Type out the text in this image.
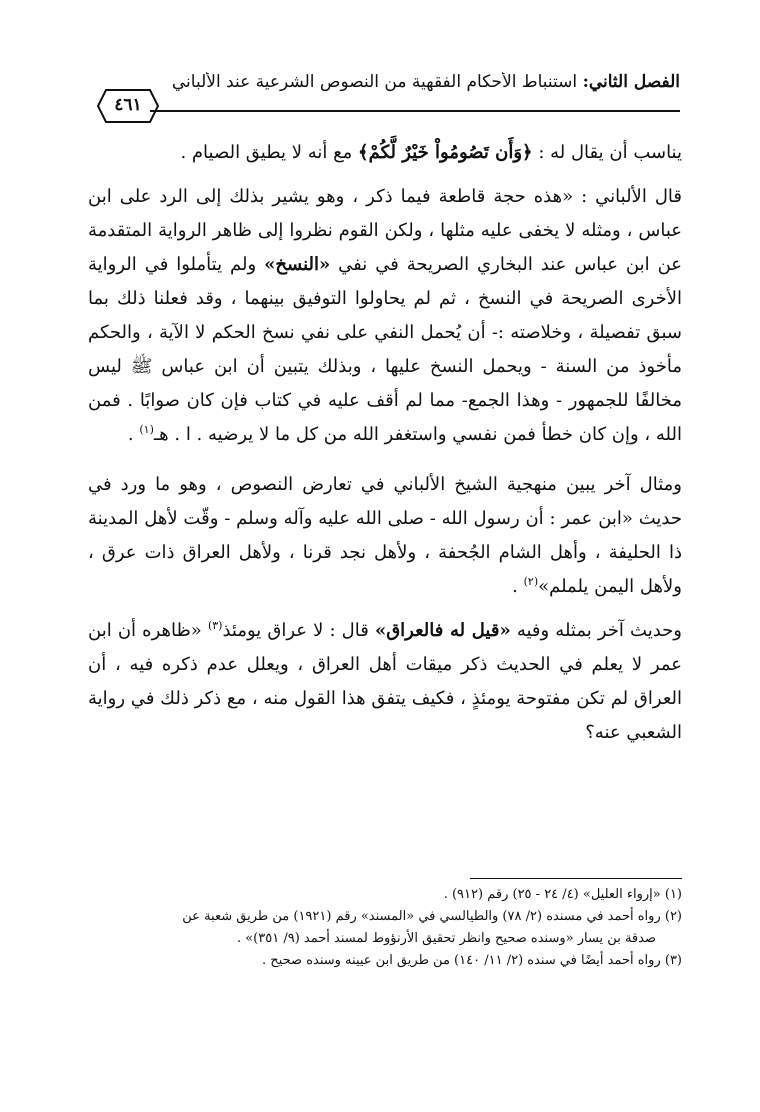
الفصل الثاني: استنباط الأحكام الفقهية من النصوص الشرعية عند الألباني
٤٦١

يناسب أن يقال له : ﴿وَأَن تَصُومُواْ خَيْرٌ لَّكُمْ﴾ مع أنه لا يطيق الصيام .

قال الألباني : «هذه حجة قاطعة فيما ذكر ، وهو يشير بذلك إلى الرد على ابن عباس ، ومثله لا يخفى عليه مثلها ، ولكن القوم نظروا إلى ظاهر الرواية المتقدمة عن ابن عباس عند البخاري الصريحة في نفي «النسخ» ولم يتأملوا في الرواية الأخرى الصريحة في النسخ ، ثم لم يحاولوا التوفيق بينهما ، وقد فعلنا ذلك بما سبق تفصيلة ، وخلاصته :- أن يُحمل النفي على نفي نسخ الحكم لا الآية ، والحكم مأخوذ من السنة - ويحمل النسخ عليها ، وبذلك يتبين أن ابن عباس ﷺ ليس مخالفًا للجمهور - وهذا الجمع- مما لم أقف عليه في كتاب فإن كان صوابًا . فمن الله ، وإن كان خطأ فمن نفسي واستغفر الله من كل ما لا يرضيه . ا . هـ$^{(١)}$ .

ومثال آخر يبين منهجية الشيخ الألباني في تعارض النصوص ، وهو ما ورد في حديث «ابن عمر : أن رسول الله - صلى الله عليه وآله وسلم - وقّت لأهل المدينة ذا الحليفة ، وأهل الشام الجُحفة ، ولأهل نجد قرنا ، ولأهل العراق ذات عرق ، ولأهل اليمن يلملم»$^{(٢)}$ .

وحديث آخر بمثله وفيه «قيل له فالعراق» قال : لا عراق يومئذ$^{(٣)}$ «ظاهره أن ابن عمر لا يعلم في الحديث ذكر ميقات أهل العراق ، ويعلل عدم ذكره فيه ، أن العراق لم تكن مفتوحة يومئذٍ ، فكيف يتفق هذا القول منه ، مع ذكر ذلك في رواية الشعبي عنه؟

(١) «إرواء العليل» (٤/ ٢٤ - ٢٥) رقم (٩١٢) .

(٢) رواه أحمد في مسنده (٢/ ٧٨) والطيالسي في «المسند» رقم (١٩٢١) من طريق شعبة عن

صدقة بن يسار «وسنده صحيح وانظر تحقيق الأرنؤوط لمسند أحمد (٩/ ٣٥١)» .

(٣) رواه أحمد أيضًا في سنده (٢/ ١١/ ١٤٠) من طريق ابن عيينه وسنده صحيح .
